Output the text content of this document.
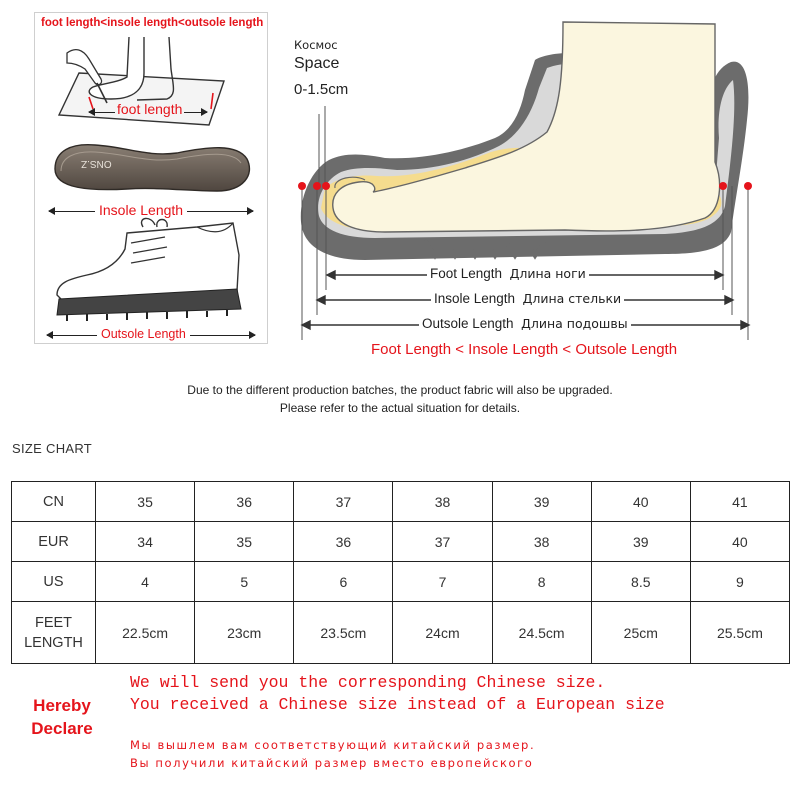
foot length<insole length<outsole length
foot length
ONS.Z
Insole Length
Outsole Length
Космос
Space
0-1.5cm
Foot Length Длина ноги
Insole Length Длина стельки
Outsole Length Длина подошвы
Foot Length < Insole Length < Outsole Length
Due to the different production batches, the product fabric will also be upgraded.
Please refer to the actual situation for details.
SIZE CHART
CN	35	36	37	38	39	40	41
EUR	34	35	36	37	38	39	40
US	4	5	6	7	8	8.5	9

FEET
LENGTH	22.5cm	23cm	23.5cm	24cm	24.5cm	25cm	25.5cm
Hereby
Declare
We will send you the corresponding Chinese size.
You received a Chinese size instead of a European size
Мы вышлем вам соответствующий китайский размер.
Вы получили китайский размер вместо европейского
